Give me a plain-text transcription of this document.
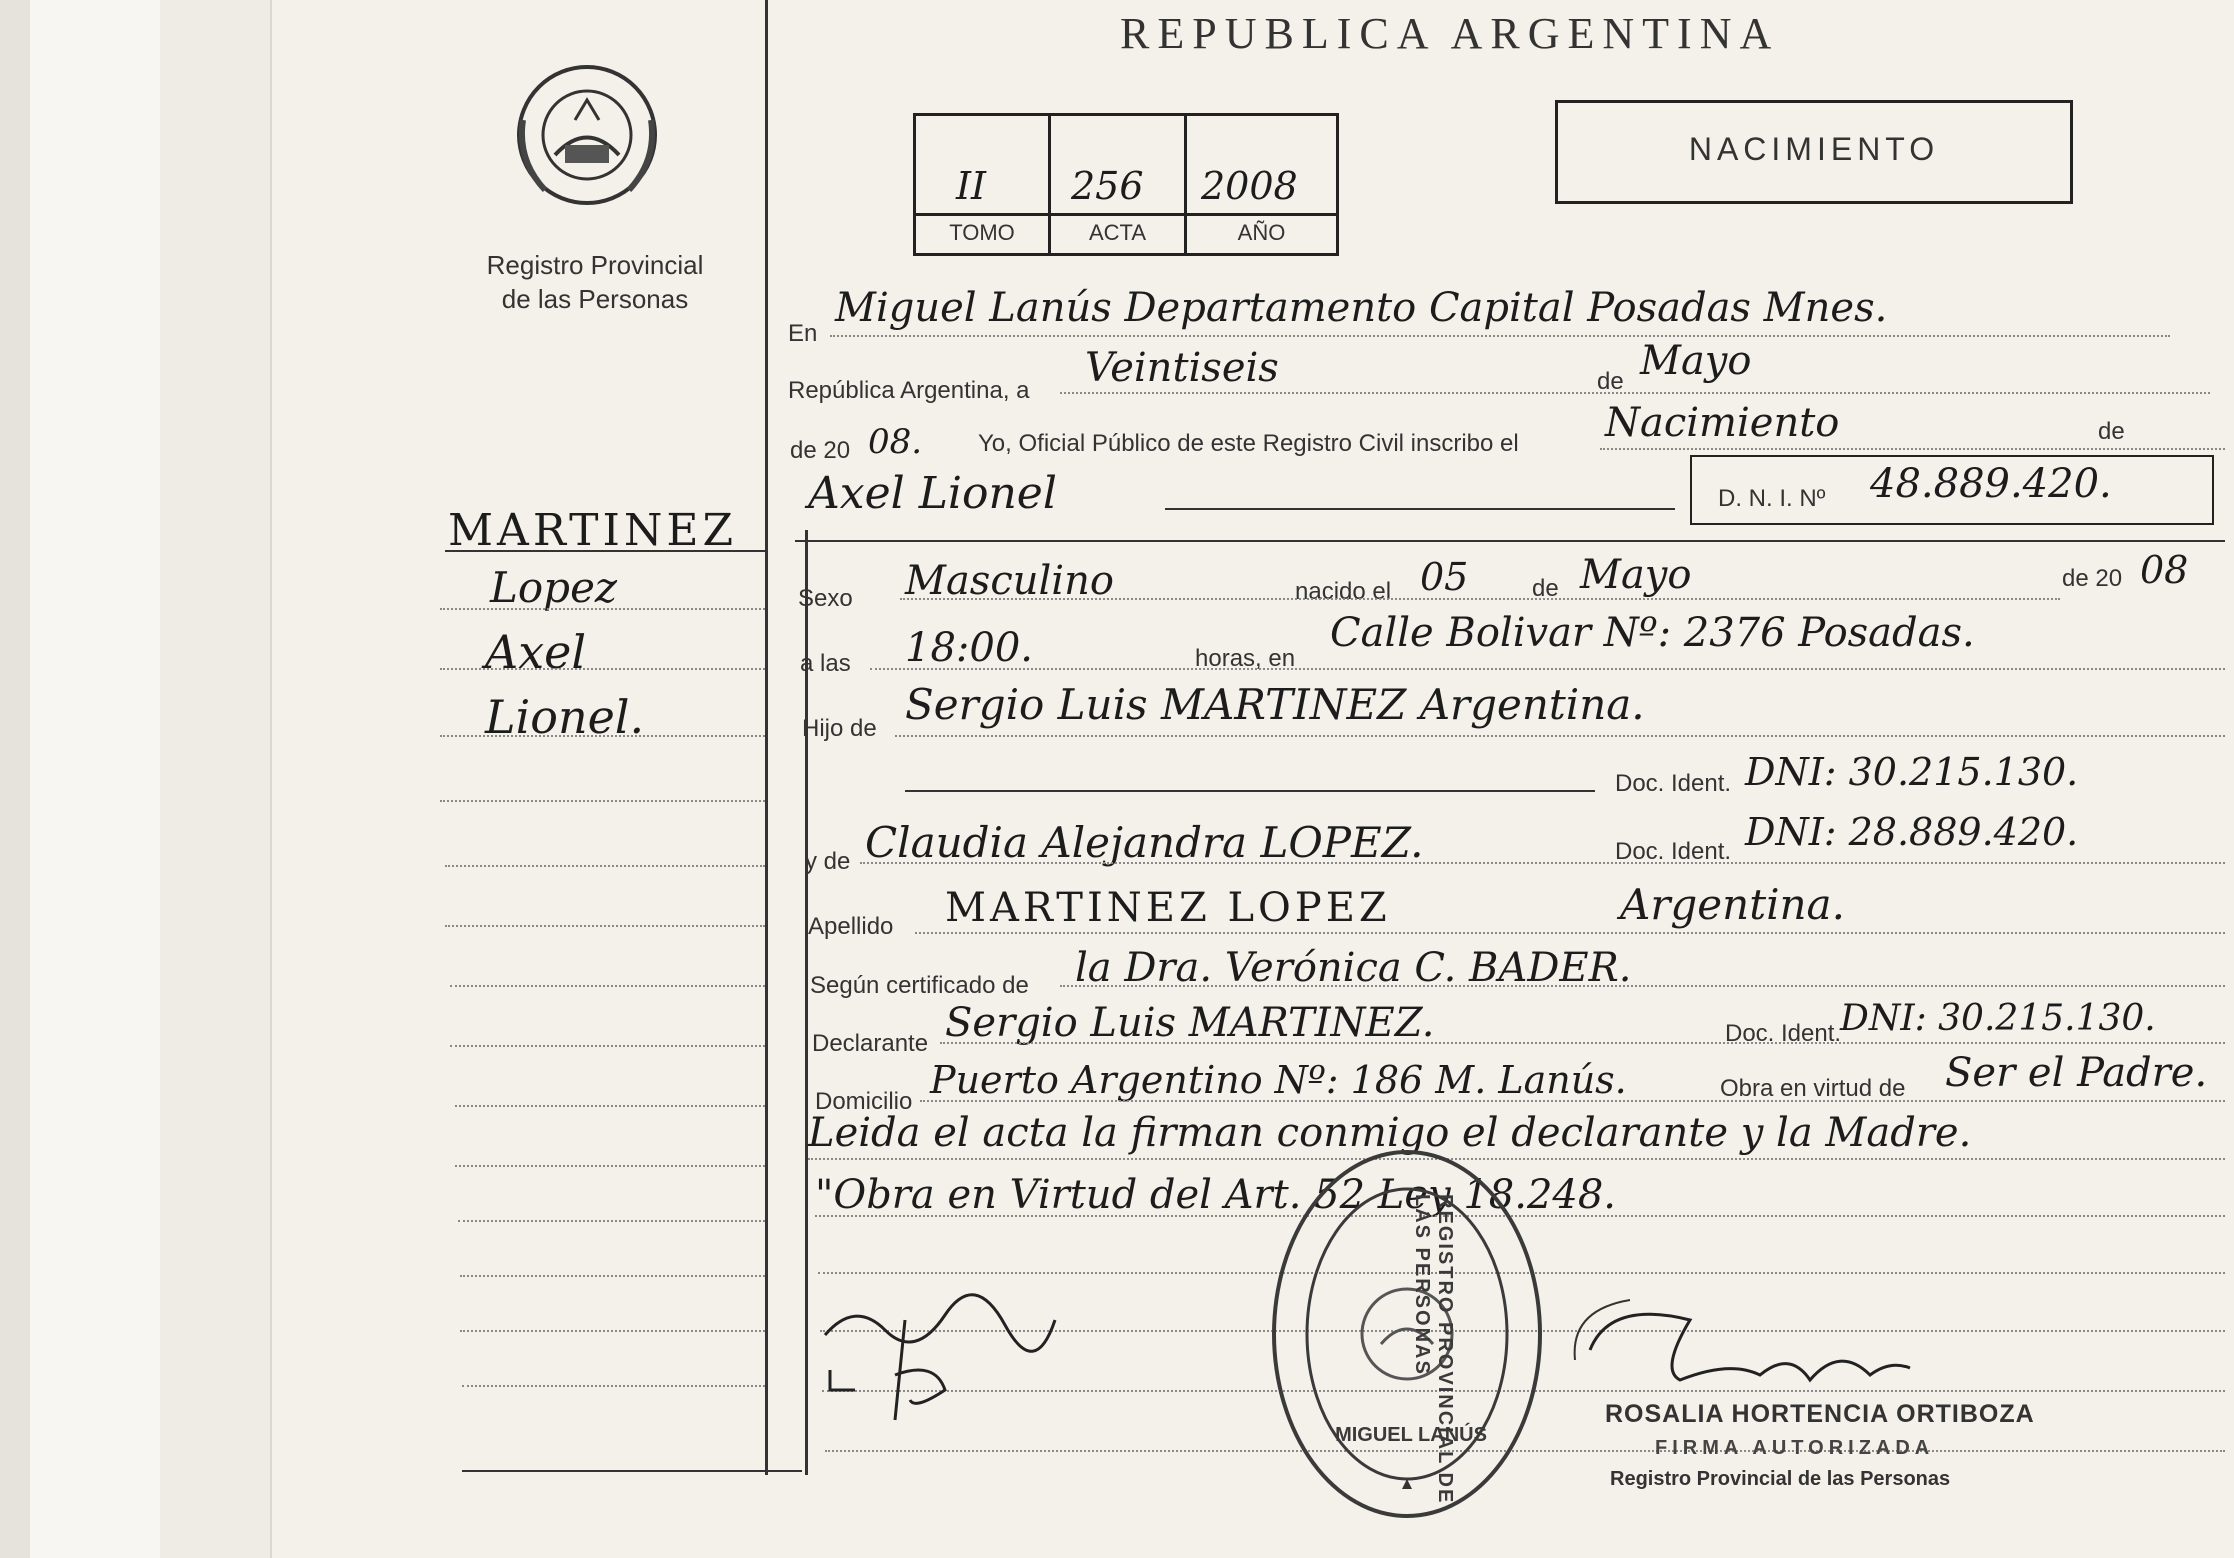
Registro Provincial
de las Personas
REPUBLICA ARGENTINA
NACIMIENTO
II 256 2008
TOMO	ACTA	AÑO
MARTINEZ
Lopez
Axel
Lionel.
En
Miguel Lanús Departamento Capital Posadas Mnes.
República Argentina, a Veintiseis	de Mayo
de 20 08. Yo, Oficial Público de este Registro Civil inscribo el Nacimiento	de
Axel Lionel	D. N. I. Nº 48.889.420.
Sexo Masculino	nacido el 05	de Mayo	de 20 08
a las 18:00.	horas, en
Calle Bolivar Nº: 2376 Posadas.
Hijo de Sergio Luis MARTINEZ Argentina.
Doc. Ident. DNI: 30.215.130.
y de Claudia Alejandra LOPEZ.	Doc. Ident. DNI: 28.889.420.
Apellido MARTINEZ LOPEZ	Argentina.
Según certificado de la Dra. Verónica C. BADER.
Declarante Sergio Luis MARTINEZ.	Doc. Ident.
DNI: 30.215.130.
Domicilio Puerto Argentino Nº: 186 M. Lanús.	Obra en virtud de Ser el Padre.
Leida el acta la firman conmigo el declarante y la Madre.
"Obra en Virtud del Art. 52 Ley 18.248.
REGISTRO PROVINCIAL DE LAS PERSONAS
MIGUEL LANÚS
ROSALIA HORTENCIA ORTIBOZA
FIRMA AUTORIZADA
Registro Provincial de las Personas
